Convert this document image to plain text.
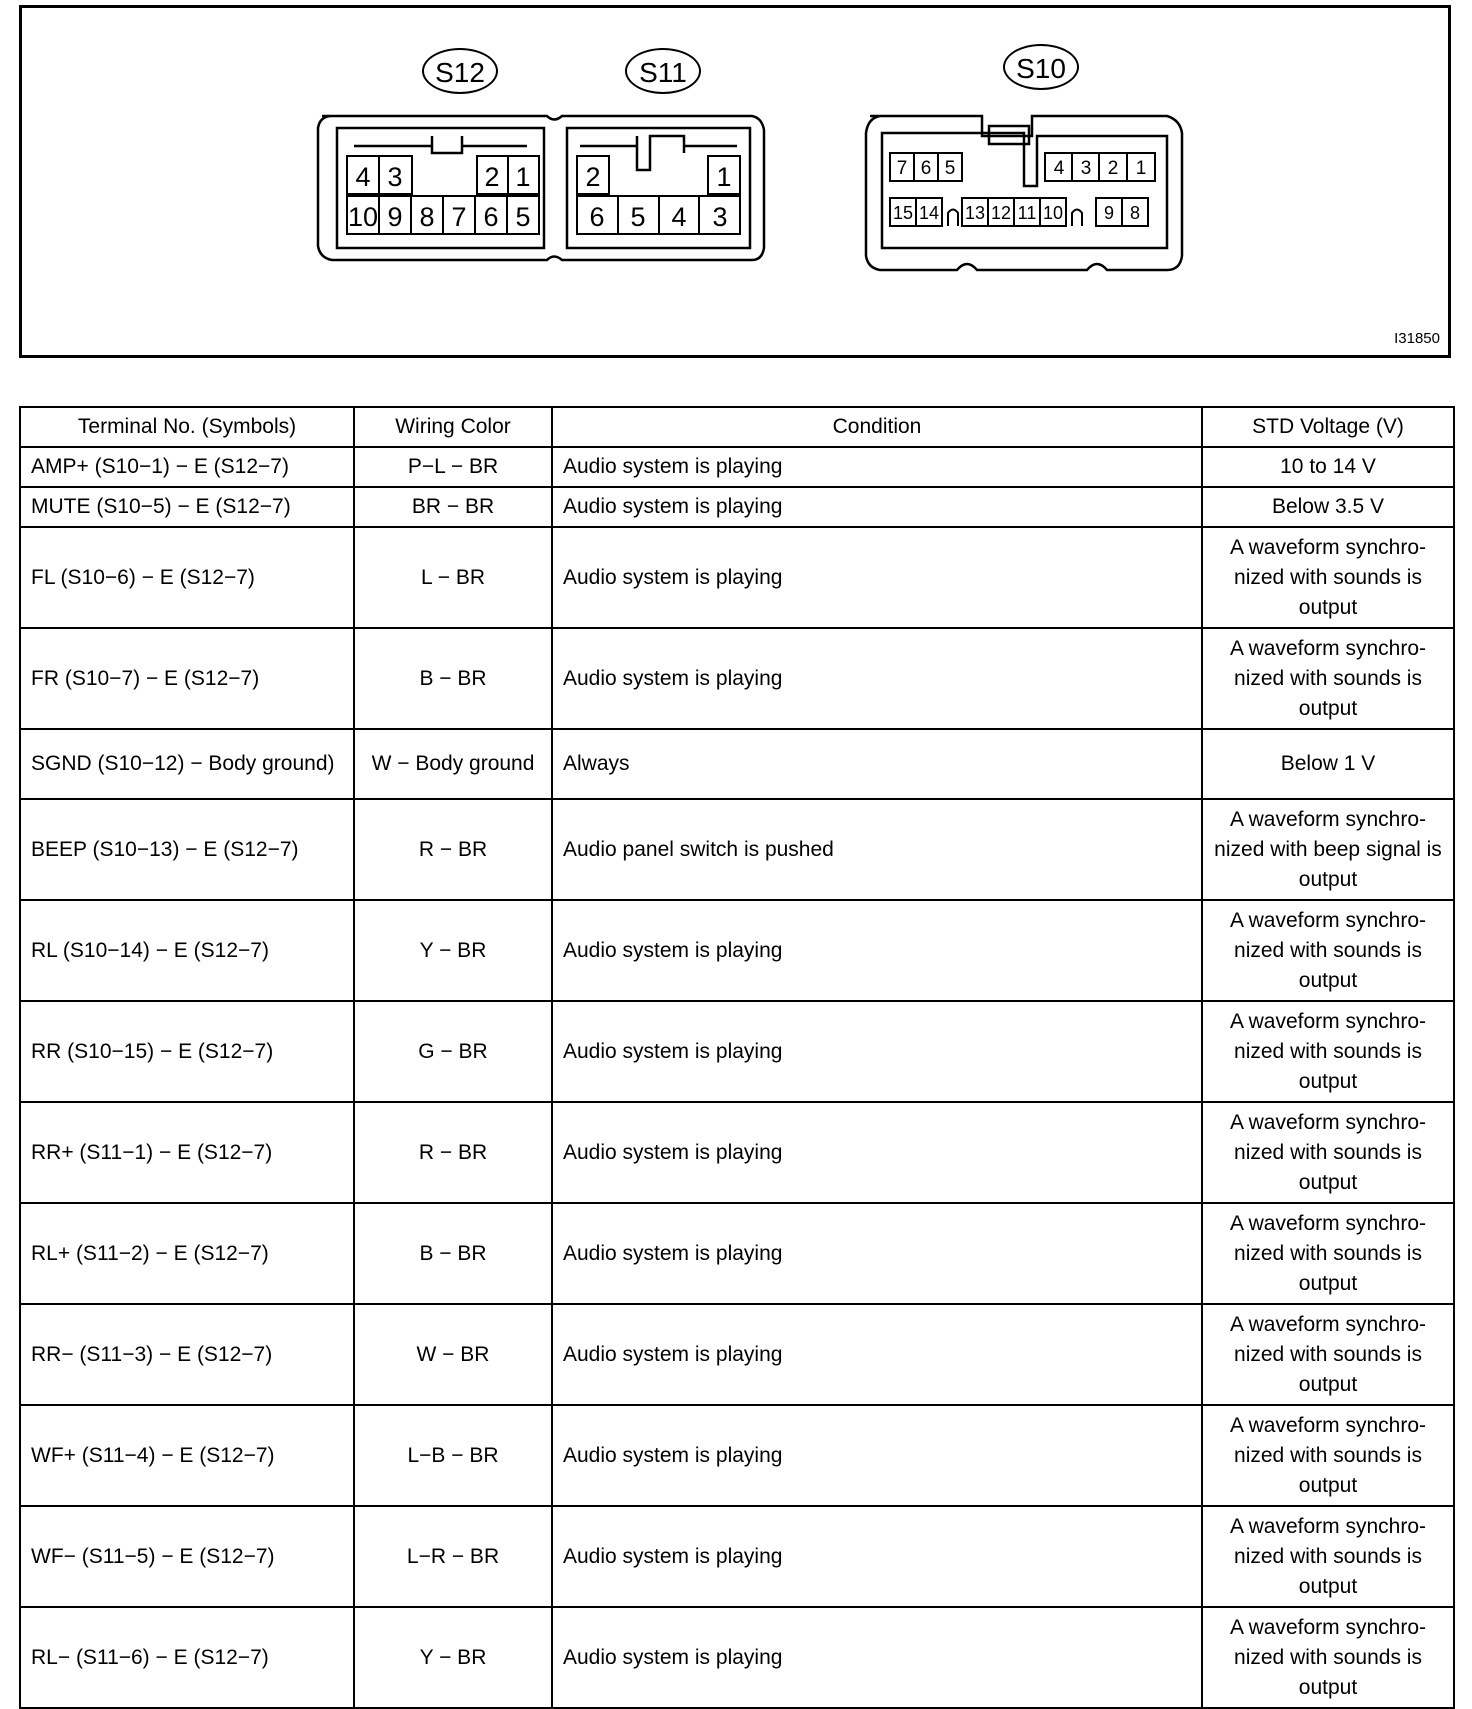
4 3	2 1
10 9 8 7 6 5
2	1
6 5 4 3
7 6 5	4 3 2 1
15 14 13 12 11 10 9 8
S12	S11	S10
I31850
Terminal No. (Symbols)	Wiring Color	Condition	STD Voltage (V)
AMP+ (S10−1) − E (S12−7)	P−L − BR	Audio system is playing	10 to 14 V
MUTE (S10−5) − E (S12−7)	BR − BR	Audio system is playing	Below 3.5 V
FL (S10−6) − E (S12−7)	L − BR	Audio system is playing	A waveform synchro- nized with sounds is output
FR (S10−7) − E (S12−7)	B − BR	Audio system is playing	A waveform synchro- nized with sounds is output
SGND (S10−12) − Body ground)	W − Body ground	Always	Below 1 V
BEEP (S10−13) − E (S12−7)	R − BR	Audio panel switch is pushed	A waveform synchro- nized with beep signal is output
RL (S10−14) − E (S12−7)	Y − BR	Audio system is playing	A waveform synchro- nized with sounds is output
RR (S10−15) − E (S12−7)	G − BR	Audio system is playing	A waveform synchro- nized with sounds is output
RR+ (S11−1) − E (S12−7)	R − BR	Audio system is playing	A waveform synchro- nized with sounds is output
RL+ (S11−2) − E (S12−7)	B − BR	Audio system is playing	A waveform synchro- nized with sounds is output
RR− (S11−3) − E (S12−7)	W − BR	Audio system is playing	A waveform synchro- nized with sounds is output
WF+ (S11−4) − E (S12−7)	L−B − BR	Audio system is playing	A waveform synchro- nized with sounds is output
WF− (S11−5) − E (S12−7)	L−R − BR	Audio system is playing	A waveform synchro- nized with sounds is output
RL− (S11−6) − E (S12−7)	Y − BR	Audio system is playing	A waveform synchro- nized with sounds is output
